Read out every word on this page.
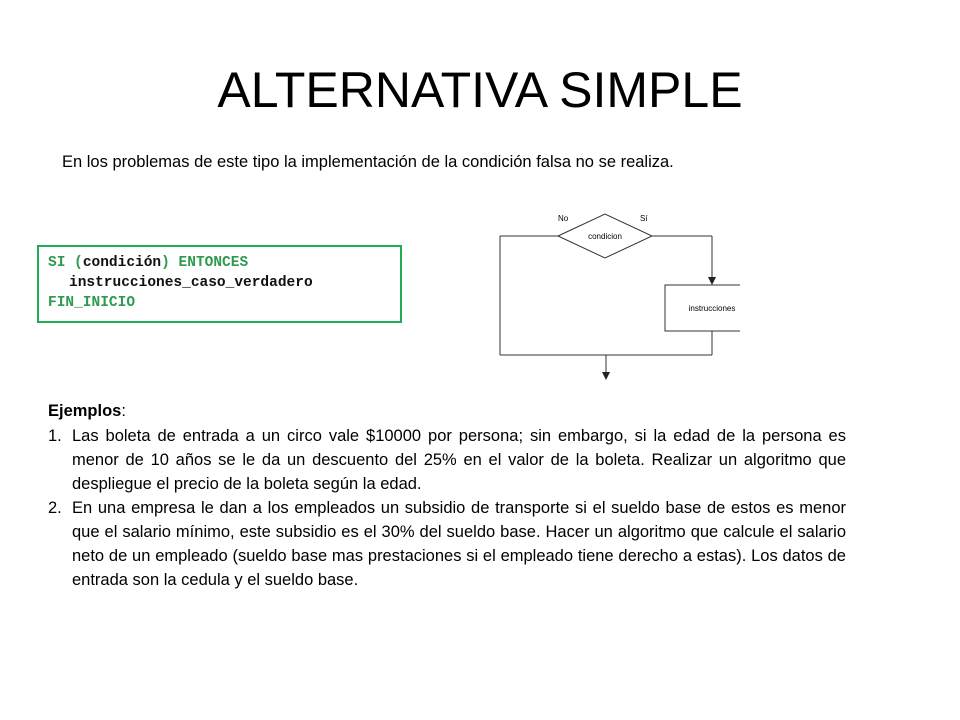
ALTERNATIVA SIMPLE
En los problemas de este tipo la implementación de la condición falsa no se realiza.
SI (condición) ENTONCES
instrucciones_caso_verdadero
FIN_INICIO
No	Sí
condicion
instrucciones
Ejemplos:
1. Las boleta de entrada a un circo vale $10000 por persona; sin embargo, si la edad de la persona es menor de 10 años se le da un descuento del 25% en el valor de la boleta. Realizar un algoritmo que despliegue el precio de la boleta según la edad.
2. En una empresa le dan a los empleados un subsidio de transporte si el sueldo base de estos es menor que el salario mínimo, este subsidio es el 30% del sueldo base. Hacer un algoritmo que calcule el salario neto de un empleado (sueldo base mas prestaciones si el empleado tiene derecho a estas). Los datos de entrada son la cedula y el sueldo base.
